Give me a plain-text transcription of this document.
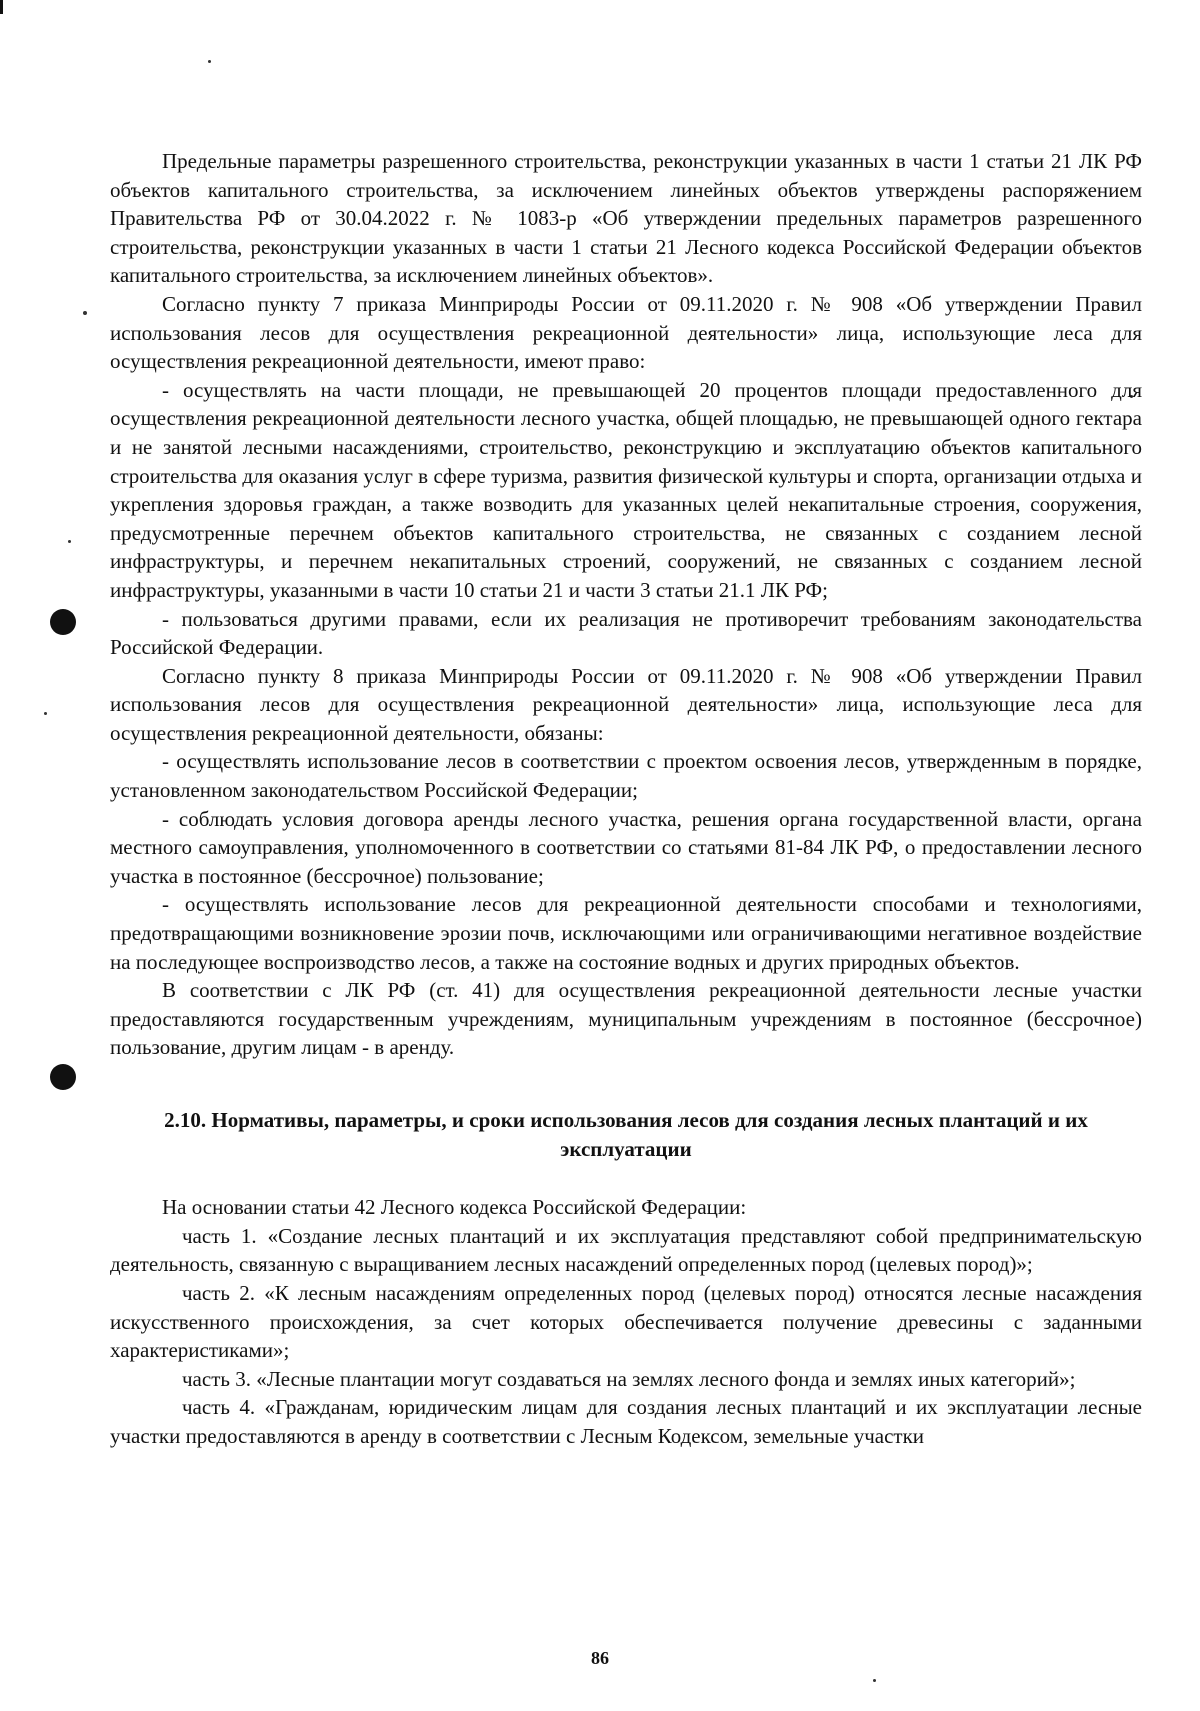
Предельные параметры разрешенного строительства, реконструкции указанных в части 1 статьи 21 ЛК РФ объектов капитального строительства, за исключением линейных объектов утверждены распоряжением Правительства РФ от 30.04.2022 г. № 1083-р «Об утверждении предельных параметров разрешенного строительства, реконструкции указанных в части 1 статьи 21 Лесного кодекса Российской Федерации объектов капитального строительства, за исключением линейных объектов».

Согласно пункту 7 приказа Минприроды России от 09.11.2020 г. № 908 «Об утверждении Правил использования лесов для осуществления рекреационной деятельности» лица, использующие леса для осуществления рекреационной деятельности, имеют право:

- осуществлять на части площади, не превышающей 20 процентов площади предоставленного для осуществления рекреационной деятельности лесного участка, общей площадью, не превышающей одного гектара и не занятой лесными насаждениями, строительство, реконструкцию и эксплуатацию объектов капитального строительства для оказания услуг в сфере туризма, развития физической культуры и спорта, организации отдыха и укрепления здоровья граждан, а также возводить для указанных целей некапитальные строения, сооружения, предусмотренные перечнем объектов капитального строительства, не связанных с созданием лесной инфраструктуры, и перечнем некапитальных строений, сооружений, не связанных с созданием лесной инфраструктуры, указанными в части 10 статьи 21 и части 3 статьи 21.1 ЛК РФ;

- пользоваться другими правами, если их реализация не противоречит требованиям законодательства Российской Федерации.

Согласно пункту 8 приказа Минприроды России от 09.11.2020 г. № 908 «Об утверждении Правил использования лесов для осуществления рекреационной деятельности» лица, использующие леса для осуществления рекреационной деятельности, обязаны:

- осуществлять использование лесов в соответствии с проектом освоения лесов, утвержденным в порядке, установленном законодательством Российской Федерации;

- соблюдать условия договора аренды лесного участка, решения органа государственной власти, органа местного самоуправления, уполномоченного в соответствии со статьями 81-84 ЛК РФ, о предоставлении лесного участка в постоянное (бессрочное) пользование;

- осуществлять использование лесов для рекреационной деятельности способами и технологиями, предотвращающими возникновение эрозии почв, исключающими или ограничивающими негативное воздействие на последующее воспроизводство лесов, а также на состояние водных и других природных объектов.

В соответствии с ЛК РФ (ст. 41) для осуществления рекреационной деятельности лесные участки предоставляются государственным учреждениям, муниципальным учреждениям в постоянное (бессрочное) пользование, другим лицам - в аренду.

2.10. Нормативы, параметры, и сроки использования лесов для создания лесных плантаций и их эксплуатации

На основании статьи 42 Лесного кодекса Российской Федерации:

часть 1. «Создание лесных плантаций и их эксплуатация представляют собой предпринимательскую деятельность, связанную с выращиванием лесных насаждений определенных пород (целевых пород)»;

часть 2. «К лесным насаждениям определенных пород (целевых пород) относятся лесные насаждения искусственного происхождения, за счет которых обеспечивается получение древесины с заданными характеристиками»;

часть 3. «Лесные плантации могут создаваться на землях лесного фонда и землях иных категорий»;

часть 4. «Гражданам, юридическим лицам для создания лесных плантаций и их эксплуатации лесные участки предоставляются в аренду в соответствии с Лесным Кодексом, земельные участки

86
